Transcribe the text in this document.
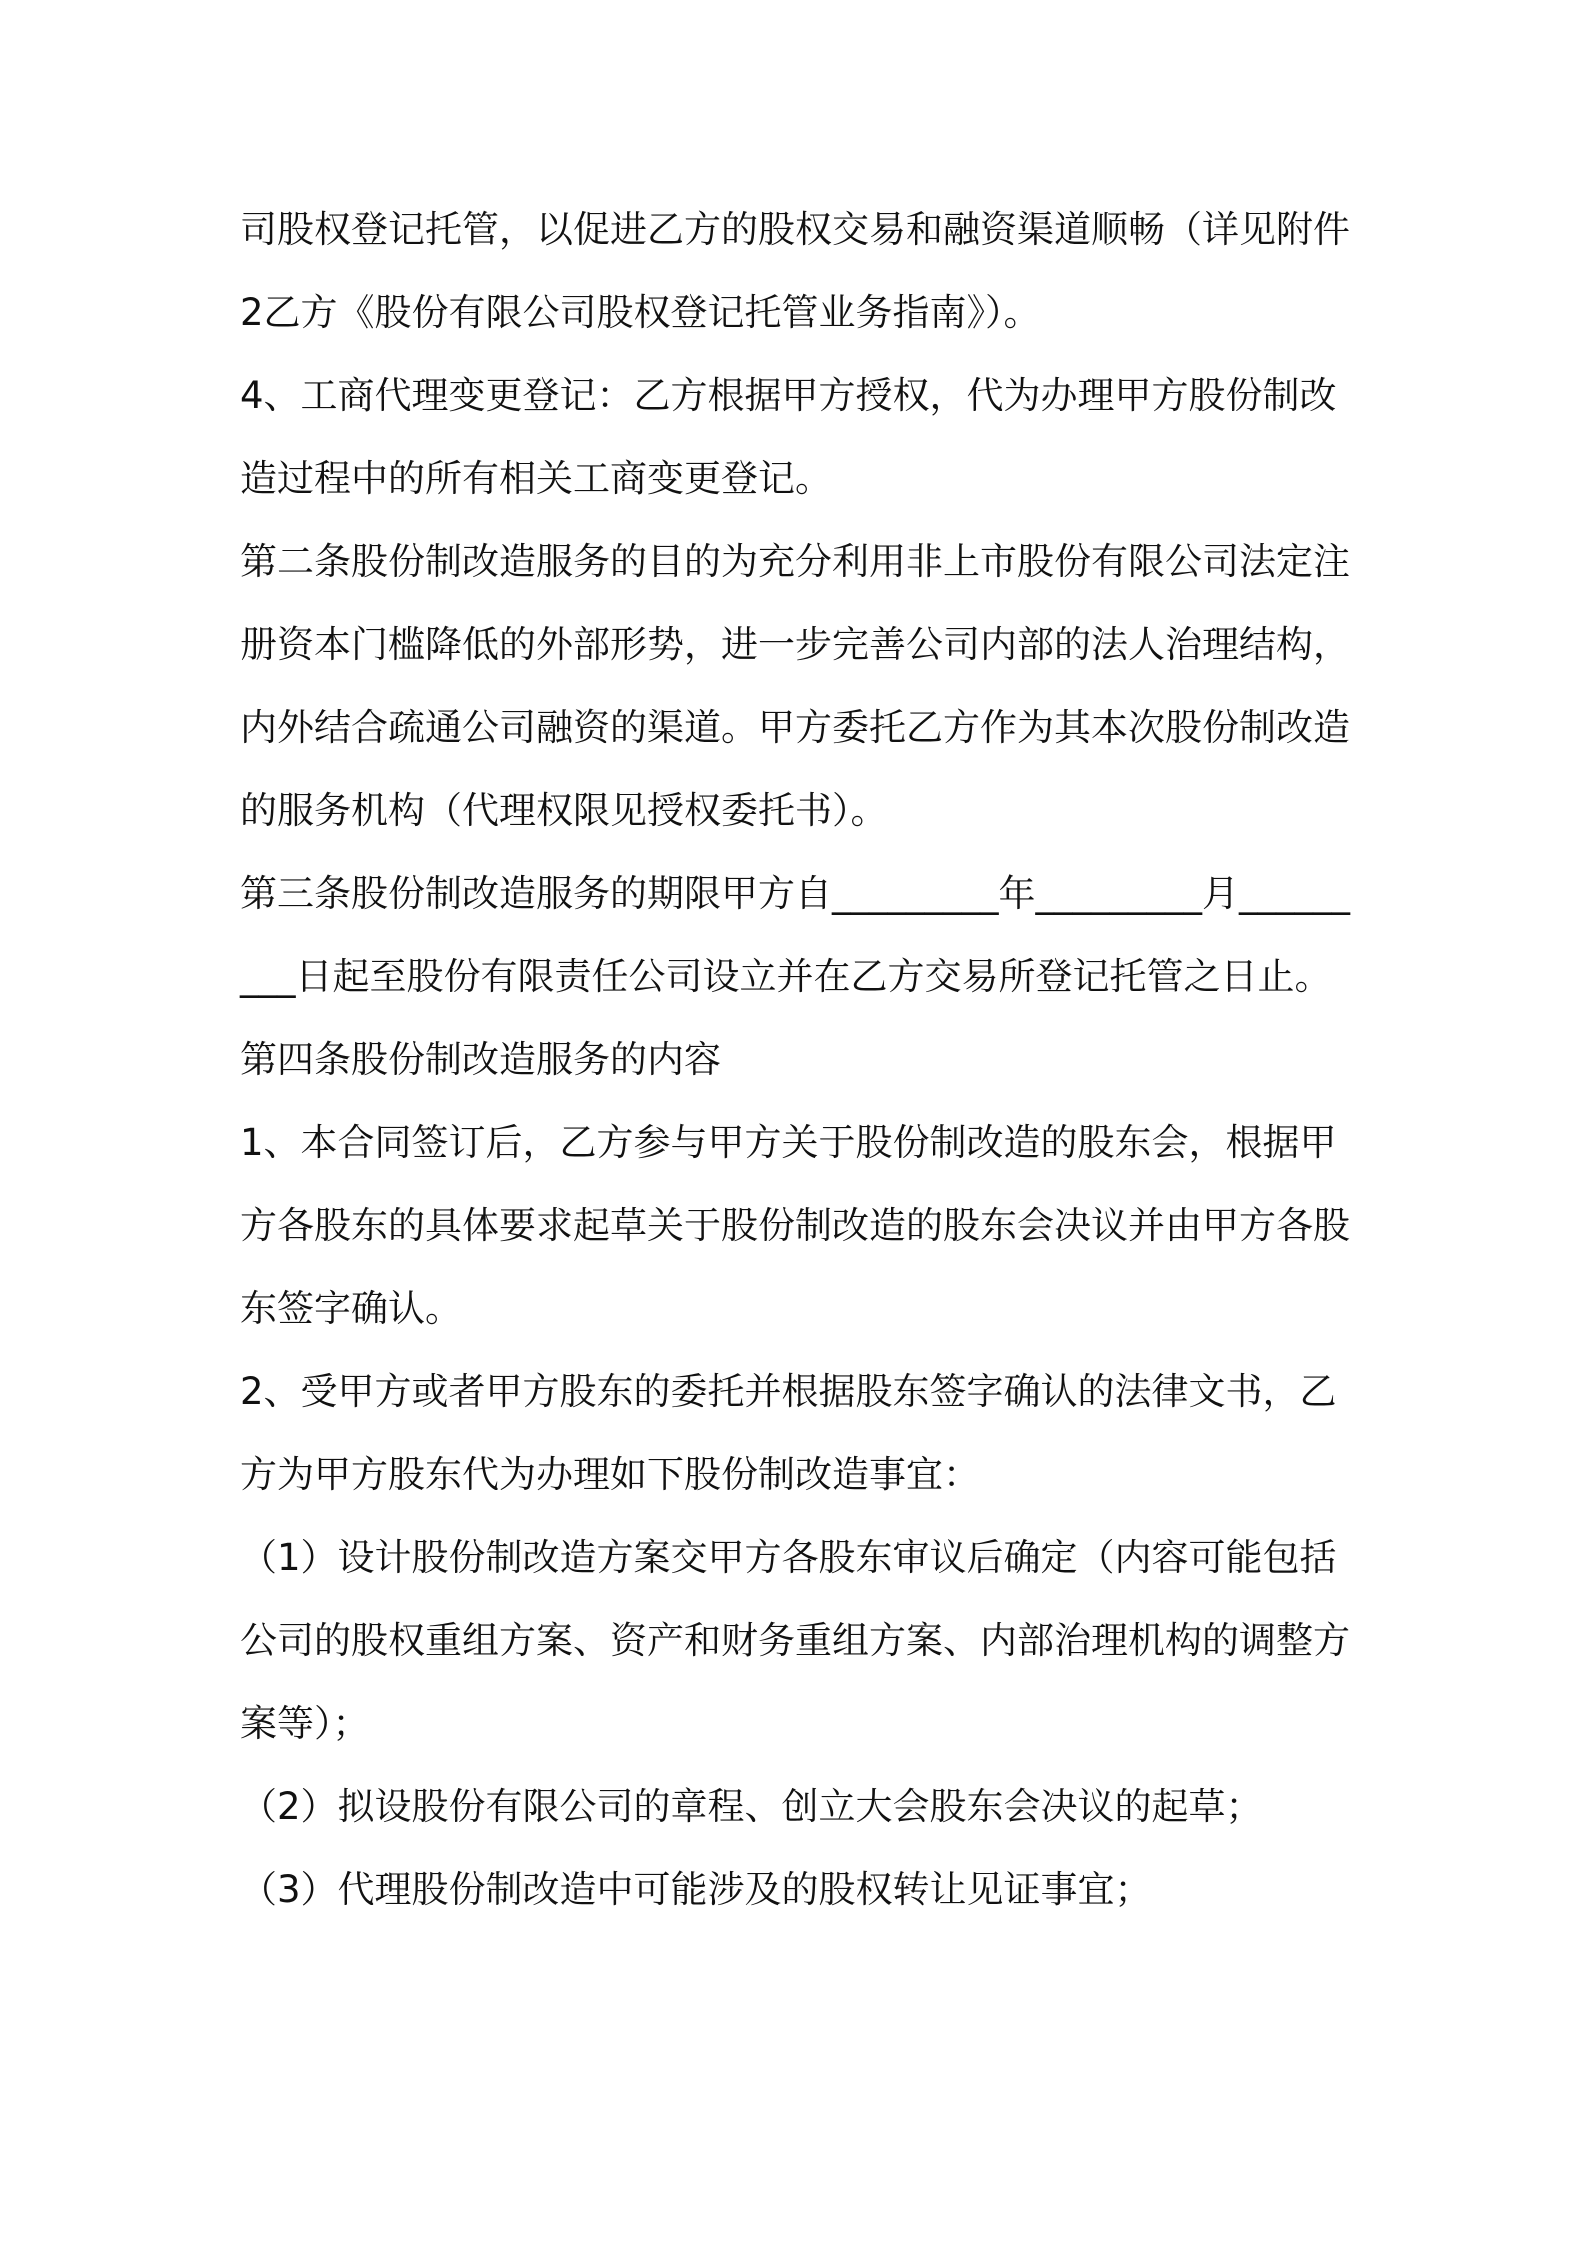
司股权登记托管，以促进乙方的股权交易和融资渠道顺畅（详见附件2乙方《股份有限公司股权登记托管业务指南》）。

4、工商代理变更登记：乙方根据甲方授权，代为办理甲方股份制改造过程中的所有相关工商变更登记。

第二条股份制改造服务的目的为充分利用非上市股份有限公司法定注册资本门槛降低的外部形势，进一步完善公司内部的法人治理结构，内外结合疏通公司融资的渠道。甲方委托乙方作为其本次股份制改造的服务机构（代理权限见授权委托书）。

第三条股份制改造服务的期限甲方自_________年_________月_________日起至股份有限责任公司设立并在乙方交易所登记托管之日止。

第四条股份制改造服务的内容

1、本合同签订后，乙方参与甲方关于股份制改造的股东会，根据甲方各股东的具体要求起草关于股份制改造的股东会决议并由甲方各股东签字确认。

2、受甲方或者甲方股东的委托并根据股东签字确认的法律文书，乙方为甲方股东代为办理如下股份制改造事宜：

（1）设计股份制改造方案交甲方各股东审议后确定（内容可能包括公司的股权重组方案、资产和财务重组方案、内部治理机构的调整方案等）；

（2）拟设股份有限公司的章程、创立大会股东会决议的起草；

（3）代理股份制改造中可能涉及的股权转让见证事宜；
